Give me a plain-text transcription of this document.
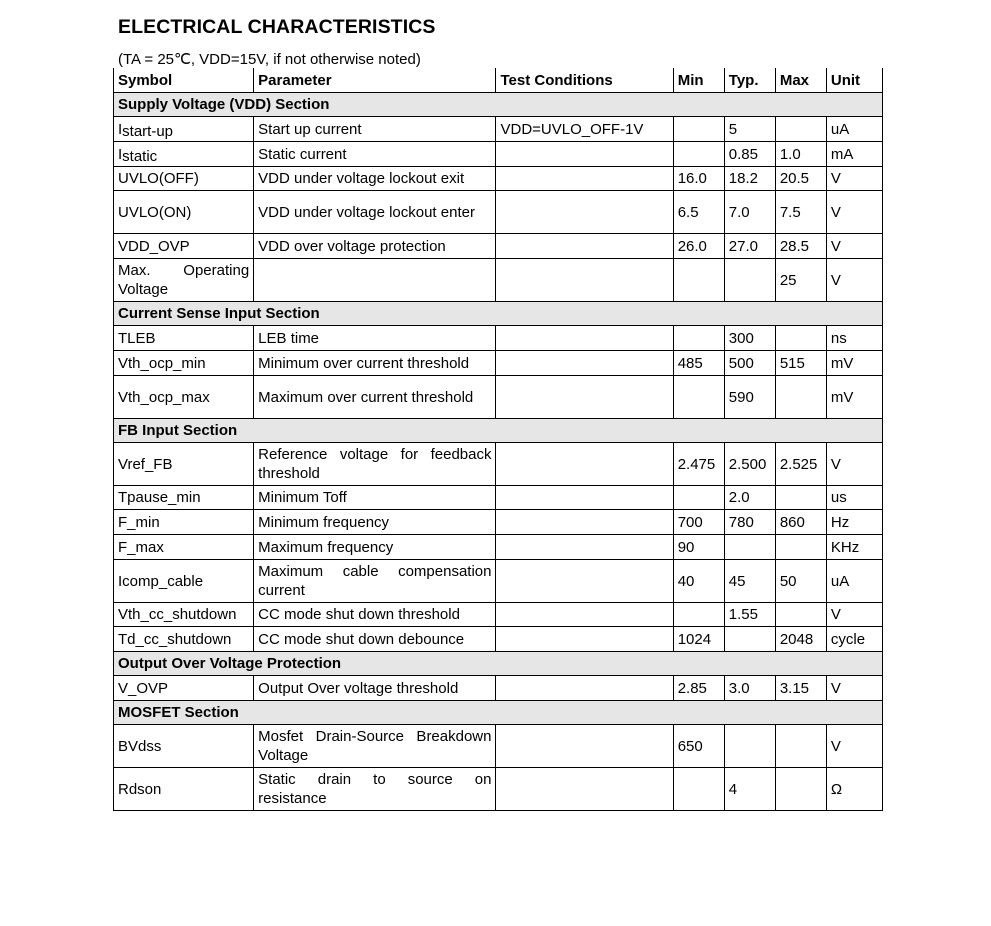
ELECTRICAL CHARACTERISTICS
(TA = 25℃, VDD=15V, if not otherwise noted)
Symbol	Parameter	Test Conditions	Min	Typ.	Max	Unit
Supply Voltage (VDD) Section						
$I_{start-up}$	Start up current	VDD=UVLO_OFF-1V		5		uA
$I_{static}$	Static current			0.85	1.0	mA
UVLO(OFF)	VDD under voltage lockout exit		16.0	18.2	20.5	V
UVLO(ON)	VDD under voltage lockout enter		6.5	7.0	7.5	V
VDD_OVP	VDD over voltage protection		26.0	27.0	28.5	V
Max. Operating Voltage					25	V
Current Sense Input Section						
TLEB	LEB time			300		ns
Vth_ocp_min	Minimum over current threshold		485	500	515	mV
Vth_ocp_max	Maximum over current threshold			590		mV
FB Input Section						
Vref_FB	Reference voltage for feedback threshold		2.475	2.500	2.525	V
Tpause_min	Minimum Toff			2.0		us
F_min	Minimum frequency		700	780	860	Hz
F_max	Maximum frequency		90			KHz
Icomp_cable	Maximum cable compensation current		40	45	50	uA
Vth_cc_shutdown	CC mode shut down threshold			1.55		V
Td_cc_shutdown	CC mode shut down debounce		1024		2048	cycle
Output Over Voltage Protection						
V_OVP	Output Over voltage threshold		2.85	3.0	3.15	V
MOSFET Section						
BVdss	Mosfet Drain-Source Breakdown Voltage		650			V
Rdson	Static drain to source on resistance			4		Ω
